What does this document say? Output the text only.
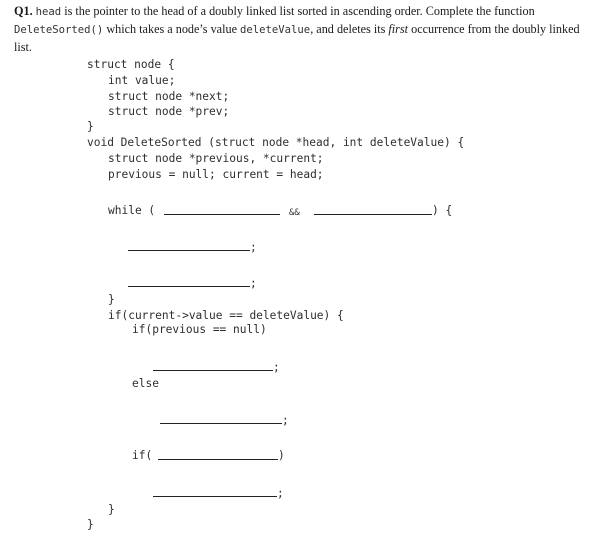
Q1. head is the pointer to the head of a doubly linked list sorted in ascending order. Complete the function DeleteSorted() which takes a node’s value deleteValue, and deletes its first occurrence from the doubly linked list.
struct node {
int value;
struct node *next;
struct node *prev;
}
void DeleteSorted (struct node *head, int deleteValue) {
struct node *previous, *current;
previous = null; current = head;
while (	&&	) {
;
;
}
if(current->value == deleteValue) {
if(previous == null)
;
else
;
if(	)
;
}
}
